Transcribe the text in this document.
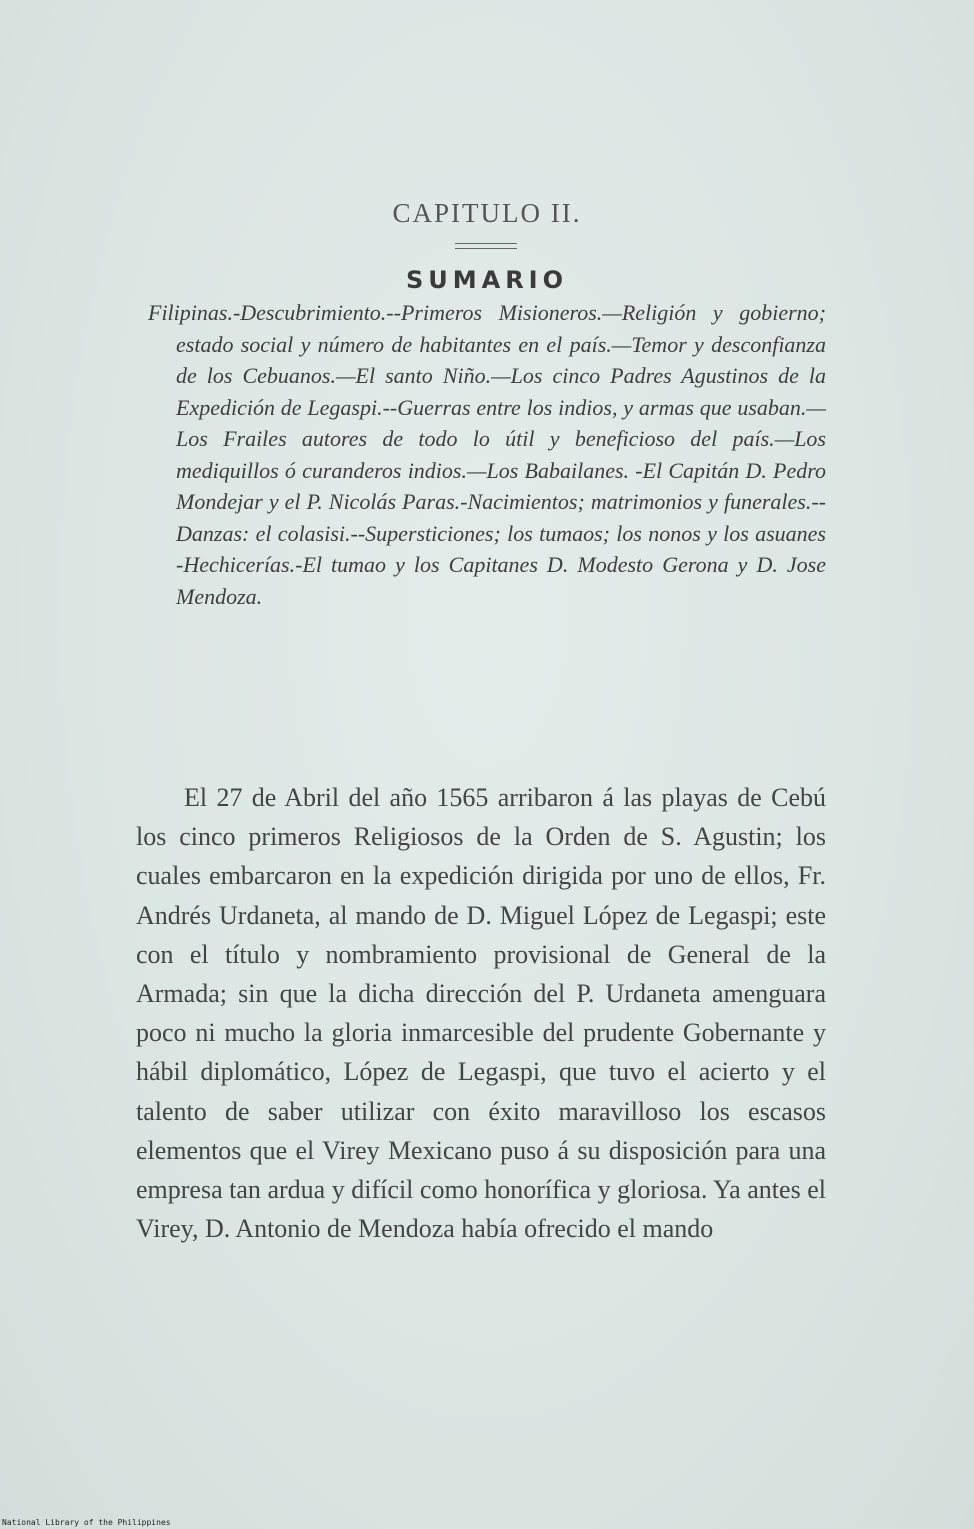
CAPITULO II.
SUMARIO

Filipinas.-Descubrimiento.--Primeros Misioneros.—Religión y gobierno; estado social y número de habitantes en el país.—Temor y desconfianza de los Cebuanos.—El santo Niño.—Los cinco Padres Agustinos de la Expedición de Legaspi.--Guerras entre los indios, y armas que usaban.—Los Frailes autores de todo lo útil y beneficioso del país.—Los mediquillos ó curanderos indios.—Los Babailanes. -El Capitán D. Pedro Mondejar y el P. Nicolás Paras.-Nacimientos; matrimonios y funerales.--Danzas: el colasisi.--Supersticiones; los tumaos; los nonos y los asuanes -Hechicerías.-El tumao y los Capitanes D. Modesto Gerona y D. Jose Mendoza.

El 27 de Abril del año 1565 arribaron á las playas de Cebú los cinco primeros Religiosos de la Orden de S. Agustin; los cuales embarcaron en la expedición dirigida por uno de ellos, Fr. Andrés Urdaneta, al mando de D. Miguel López de Legaspi; este con el título y nombramiento provisional de General de la Armada; sin que la dicha dirección del P. Urdaneta amenguara poco ni mucho la gloria inmarcesible del prudente Gobernante y hábil diplomático, López de Legaspi, que tuvo el acierto y el talento de saber utilizar con éxito maravilloso los escasos elementos que el Virey Mexicano puso á su disposición para una empresa tan ardua y difícil como honorífica y gloriosa. Ya antes el Virey, D. Antonio de Mendoza había ofrecido el mando

National Library of the Philippines
